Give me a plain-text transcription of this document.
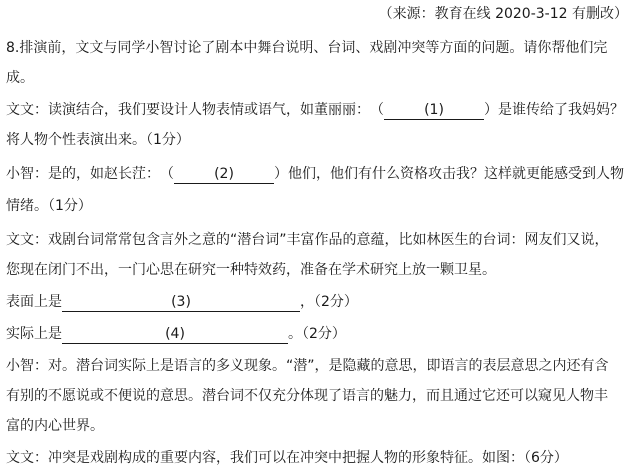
（来源：教育在线 2020-3-12 有删改）
8.排演前，文文与同学小智讨论了剧本中舞台说明、台词、戏剧冲突等方面的问题。请你帮他们完
成。
文文：读演结合，我们要设计人物表情或语气，如董丽丽：（	(1)	）是谁传给了我妈妈？
将人物个性表演出来。（1分）
小智：是的，如赵长茳：（	(2)	）他们，他们有什么资格攻击我？这样就更能感受到人物
情绪。（1分）
文文：戏剧台词常常包含言外之意的“潜台词”丰富作品的意蕴，比如林医生的台词：网友们又说，
您现在闭门不出，一门心思在研究一种特效药，准备在学术研究上放一颗卫星。
表面上是	(3)	，（2分）
实际上是	(4)	。（2分）
小智：对。潜台词实际上是语言的多义现象。“潜”，是隐藏的意思，即语言的表层意思之内还有含
有别的不愿说或不便说的意思。潜台词不仅充分体现了语言的魅力，而且通过它还可以窥见人物丰
富的内心世界。
文文：冲突是戏剧构成的重要内容，我们可以在冲突中把握人物的形象特征。如图：（6分）
